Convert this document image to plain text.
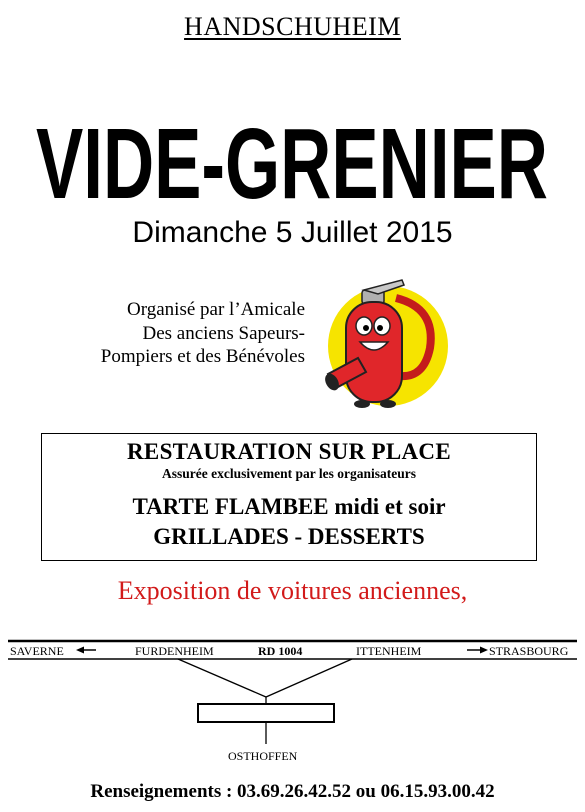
HANDSCHUHEIM
VIDE-GRENIER
Dimanche 5 Juillet 2015
Organisé par l’Amicale
Des anciens Sapeurs-
Pompiers et des Bénévoles
RESTAURATION SUR PLACE
Assurée exclusivement par les organisateurs
TARTE FLAMBEE midi et soir
GRILLADES - DESSERTS
Exposition de voitures anciennes,
SAVERNE	FURDENHEIM	RD 1004	ITTENHEIM	STRASBOURG
OSTHOFFEN
Renseignements : 03.69.26.42.52 ou 06.15.93.00.42
